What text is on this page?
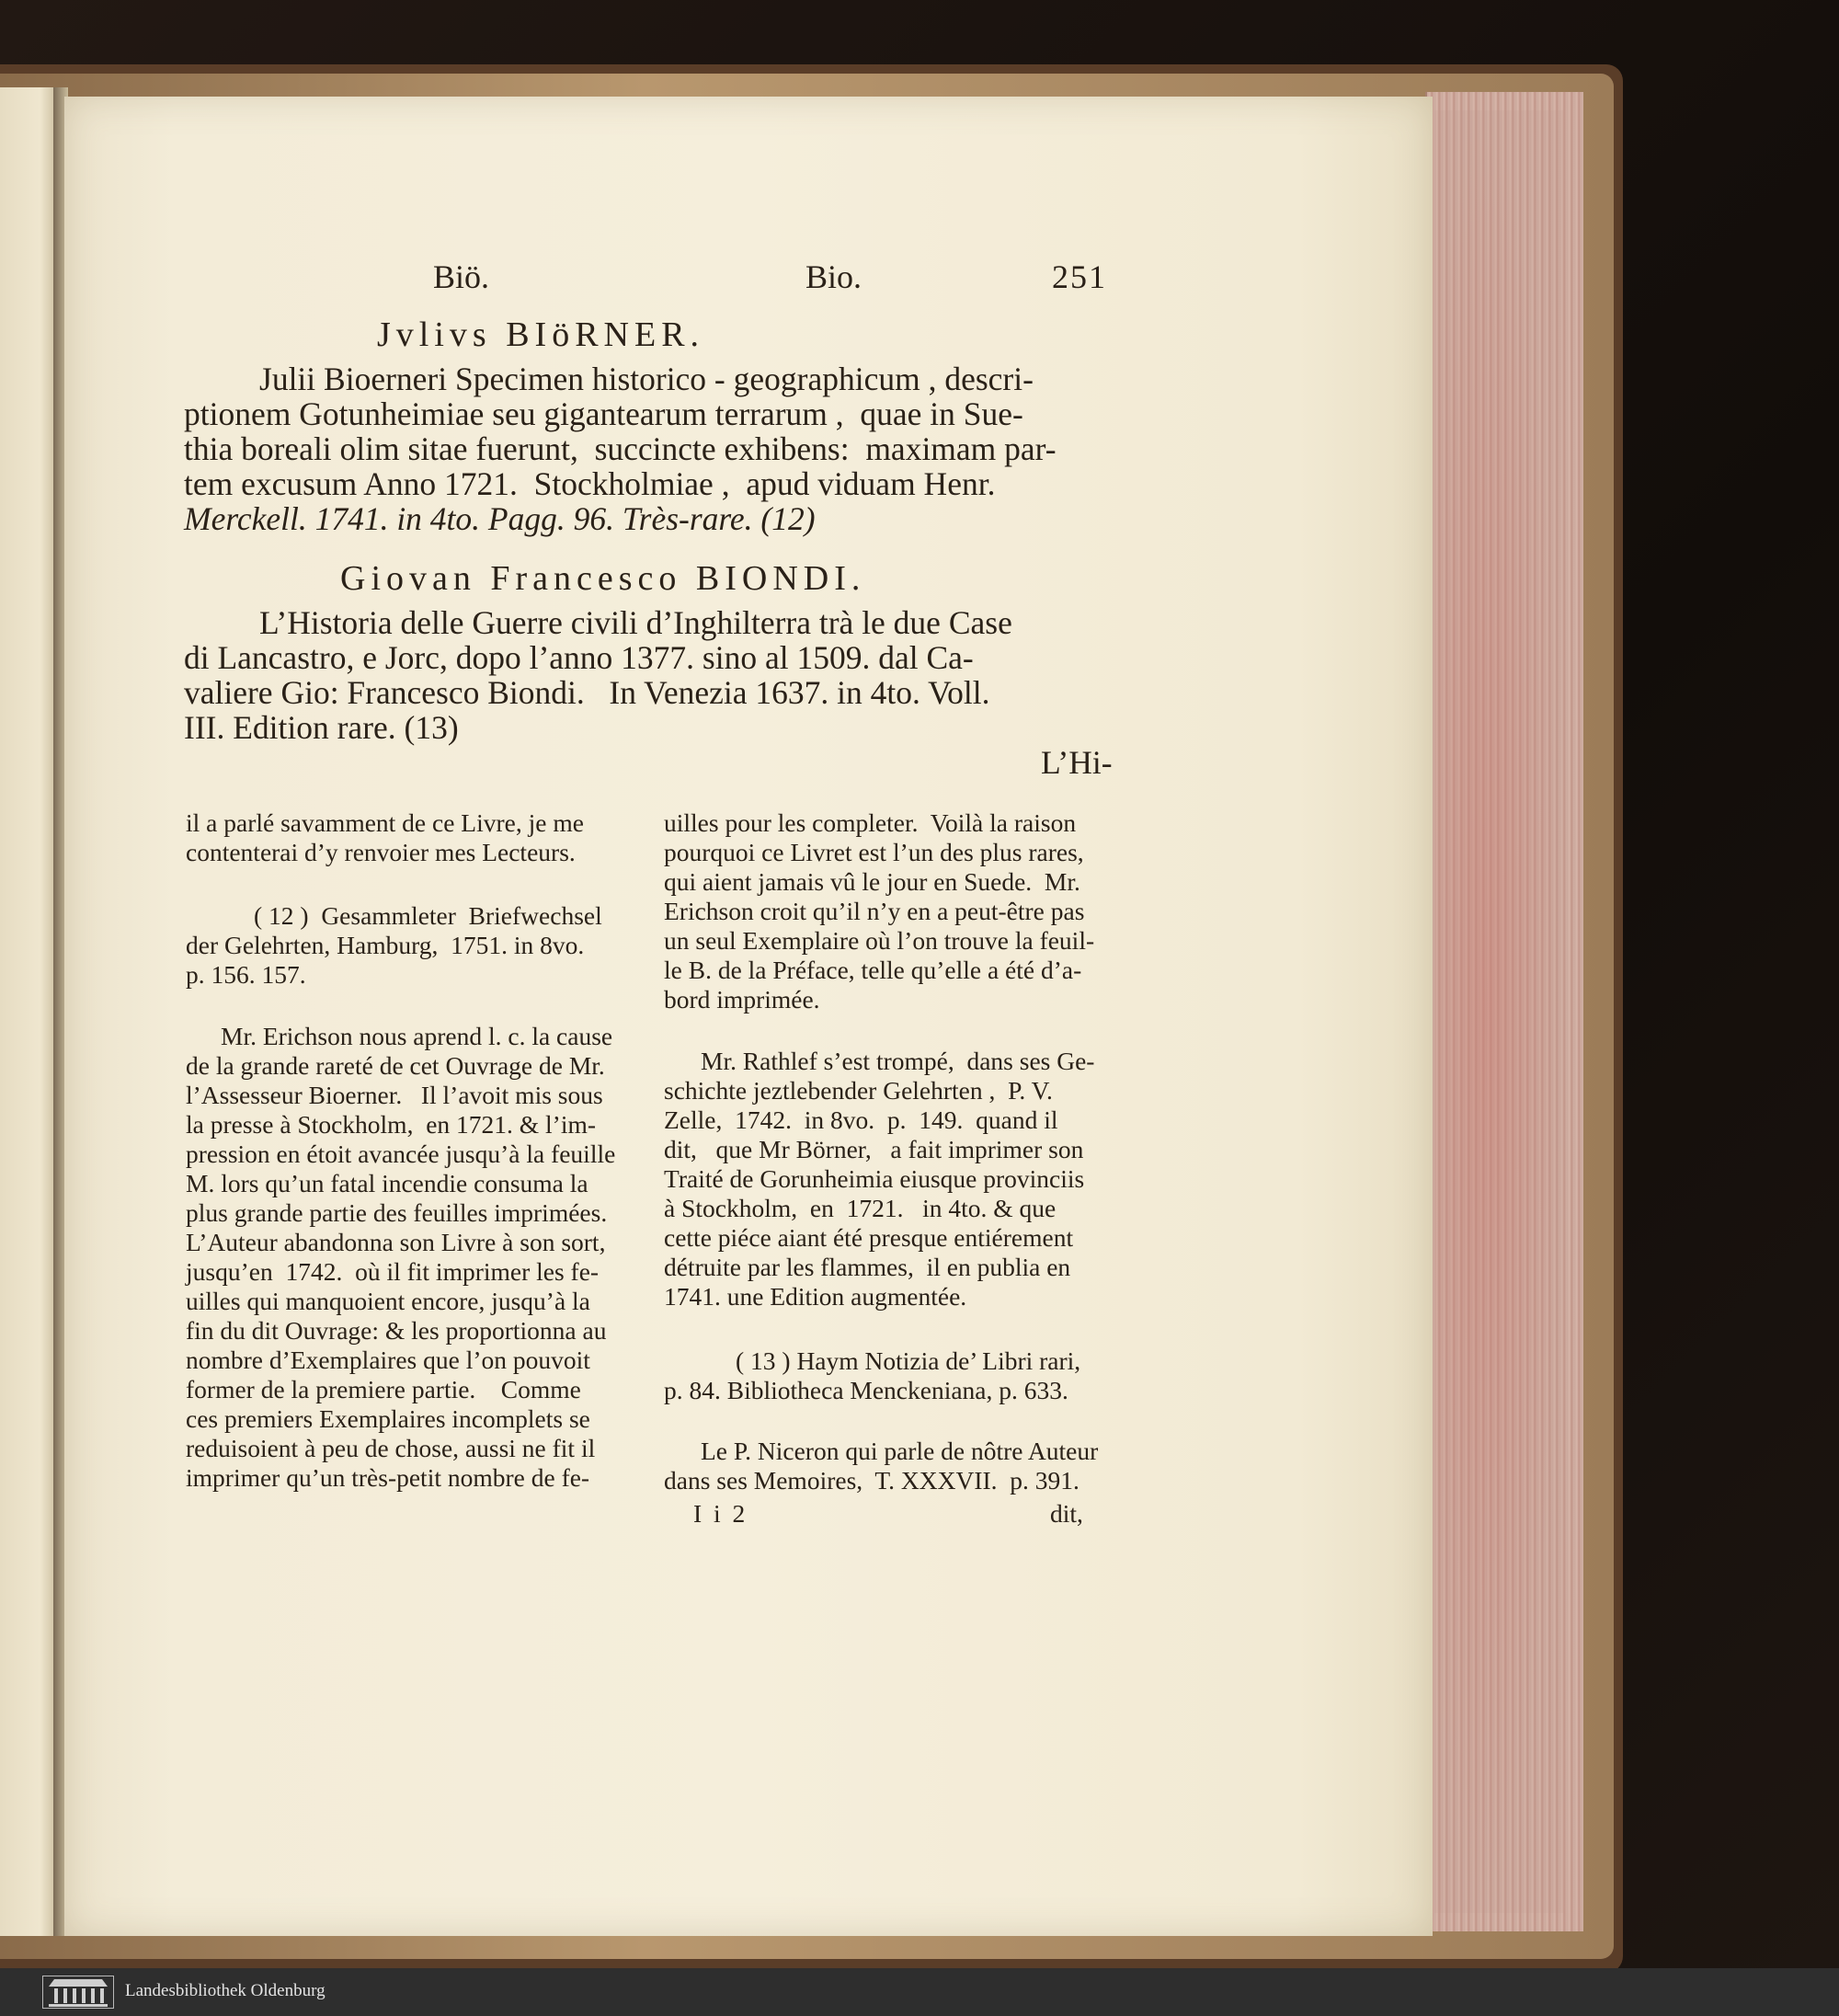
Biö.	Bio.	251
Jvlivs BIöRNER.
Julii Bioerneri Specimen historico - geographicum , descri-
ptionem Gotunheimiae seu gigantearum terrarum ,  quae in Sue-
thia boreali olim sitae fuerunt,  succincte exhibens:  maximam par-
tem excusum Anno 1721.  Stockholmiae ,  apud viduam Henr.
Merckell. 1741. in 4to. Pagg. 96. Très-rare. (12)
Giovan Francesco BIONDI.
L’Historia delle Guerre civili d’Inghilterra trà le due Case
di Lancastro, e Jorc, dopo l’anno 1377. sino al 1509. dal Ca-
valiere Gio: Francesco Biondi.   In Venezia 1637. in 4to. Voll.
III. Edition rare. (13)
L’Hi-
il a parlé savamment de ce Livre, je me
contenterai d’y renvoier mes Lecteurs.
( 12 )  Gesammleter  Briefwechsel
der Gelehrten, Hamburg,  1751. in 8vo.
p. 156. 157.
Mr. Erichson nous aprend l. c. la cause
de la grande rareté de cet Ouvrage de Mr.
l’Assesseur Bioerner.   Il l’avoit mis sous
la presse à Stockholm,  en 1721. & l’im-
pression en étoit avancée jusqu’à la feuille
M. lors qu’un fatal incendie consuma la
plus grande partie des feuilles imprimées.
L’Auteur abandonna son Livre à son sort,
jusqu’en  1742.  où il fit imprimer les fe-
uilles qui manquoient encore, jusqu’à la
fin du dit Ouvrage: & les proportionna au
nombre d’Exemplaires que l’on pouvoit
former de la premiere partie.    Comme
ces premiers Exemplaires incomplets se
reduisoient à peu de chose, aussi ne fit il
imprimer qu’un très-petit nombre de fe-
uilles pour les completer.  Voilà la raison
pourquoi ce Livret est l’un des plus rares,
qui aient jamais vû le jour en Suede.  Mr.
Erichson croit qu’il n’y en a peut-être pas
un seul Exemplaire où l’on trouve la feuil-
le B. de la Préface, telle qu’elle a été d’a-
bord imprimée.
Mr. Rathlef s’est trompé,  dans ses Ge-
schichte jeztlebender Gelehrten ,  P. V.
Zelle,  1742.  in 8vo.  p.  149.  quand il
dit,   que Mr Börner,   a fait imprimer son
Traité de Gorunheimia eiusque provinciis
à Stockholm,  en  1721.   in 4to. & que
cette piéce aiant été presque entiérement
détruite par les flammes,  il en publia en
1741. une Edition augmentée.
( 13 ) Haym Notizia de’ Libri rari,
p. 84. Bibliotheca Menckeniana, p. 633.
Le P. Niceron qui parle de nôtre Auteur
dans ses Memoires,  T. XXXVII.  p. 391.
I i 2	dit,
Landesbibliothek Oldenburg
